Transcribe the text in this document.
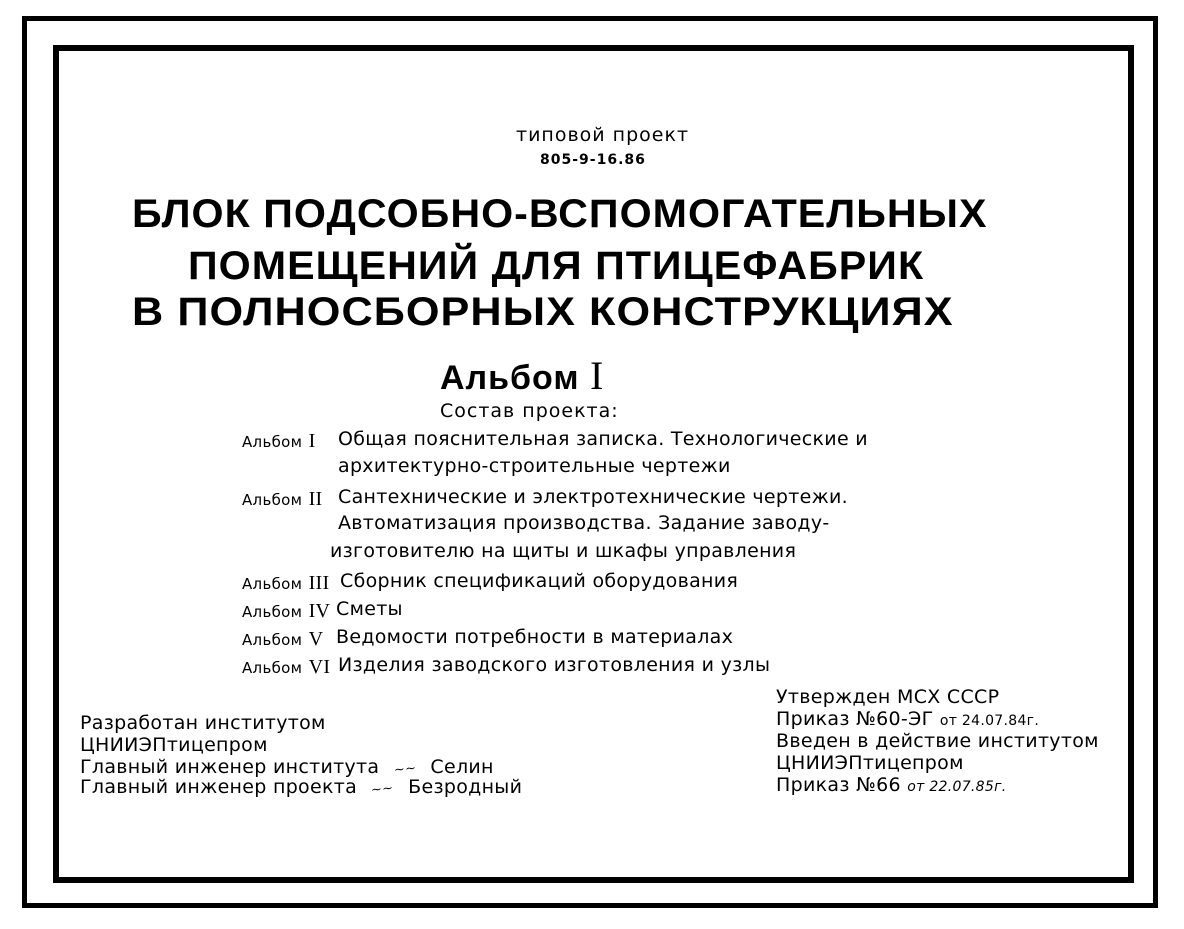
типовой проект
805-9-16.86
БЛОК ПОДСОБНО-ВСПОМОГАТЕЛЬНЫХ
ПОМЕЩЕНИЙ ДЛЯ ПТИЦЕФАБРИК
В ПОЛНОСБОРНЫХ КОНСТРУКЦИЯХ
Альбом I
Состав проекта:
Альбом I Общая пояснительная записка. Технологические и
архитектурно-строительные чертежи
Альбом II Сантехнические и электротехнические чертежи.
Автоматизация производства. Задание заводу-
изготовителю на щиты и шкафы управления
Альбом III Сборник спецификаций оборудования
Альбом IV Сметы
Альбом V Ведомости потребности в материалах
Альбом VI Изделия заводского изготовления и узлы
Разработан институтом
ЦНИИЭПтицепром
Главный инженер института ~~ Селин
Главный инженер проекта ~~ Безродный
Утвержден МСХ СССР
Приказ №60-ЭГ от 24.07.84г.
Введен в действие институтом
ЦНИИЭПтицепром
Приказ №66 от 22.07.85г.
